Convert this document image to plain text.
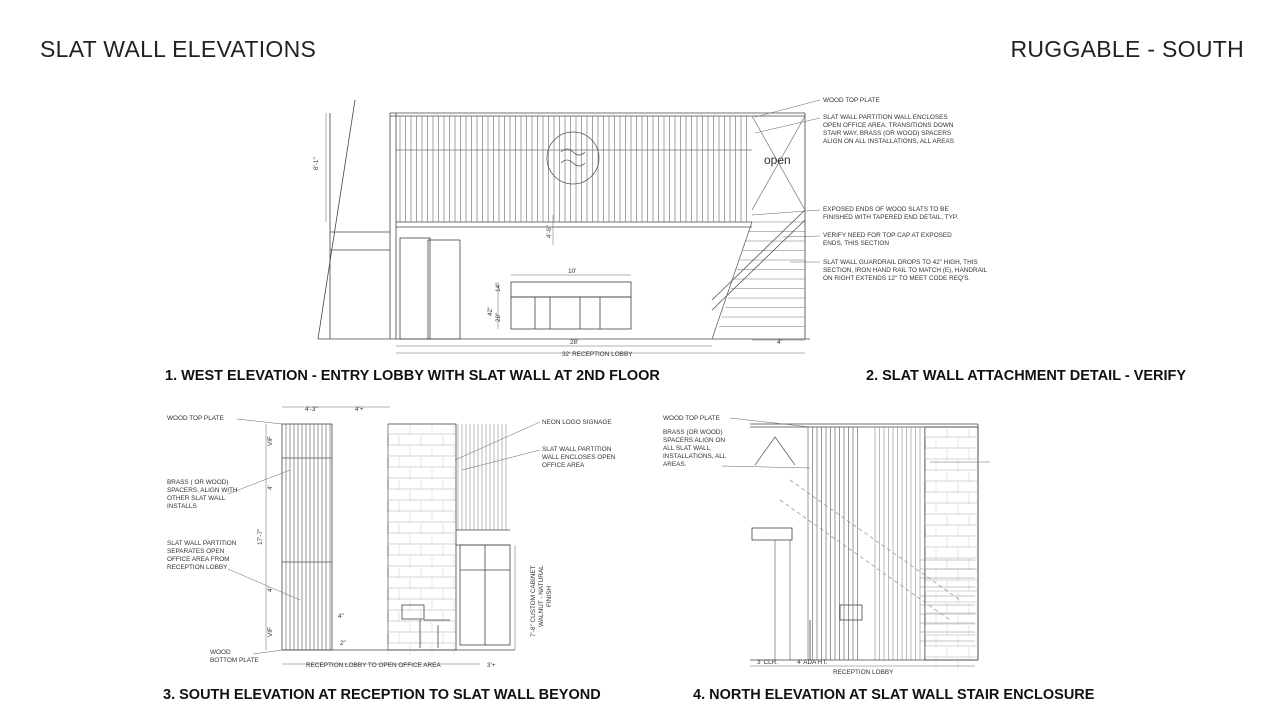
SLAT WALL ELEVATIONS	RUGGABLE - SOUTH
1. WEST ELEVATION - ENTRY LOBBY WITH SLAT WALL AT 2ND FLOOR	2. SLAT WALL ATTACHMENT DETAIL - VERIFY
3. SOUTH ELEVATION AT RECEPTION TO SLAT WALL BEYOND	4. NORTH ELEVATION AT SLAT WALL STAIR ENCLOSURE
open
8'-1"
4'-6"
10'
42"
28"
14"
28'	4'
32' RECEPTION LOBBY
WOOD TOP PLATE
SLAT WALL PARTITION WALL ENCLOSES OPEN OFFICE AREA, TRANSITIONS DOWN STAIR WAY. BRASS (OR WOOD) SPACERS ALIGN ON ALL INSTALLATIONS, ALL AREAS
EXPOSED ENDS OF WOOD SLATS TO BE FINISHED WITH TAPERED END DETAIL, TYP.
VERIFY NEED FOR TOP CAP AT EXPOSED ENDS, THIS SECTION
SLAT WALL GUARDRAIL DROPS TO 42" HIGH, THIS SECTION, IRON HAND RAIL TO MATCH (E), HANDRAIL ON RIGHT EXTENDS 12" TO MEET CODE REQ'S.
WOOD TOP PLATE
BRASS ( OR WOOD) SPACERS, ALIGN WITH OTHER SLAT WALL INSTALLS
SLAT WALL PARTITION SEPARATES OPEN OFFICE AREA FROM RECEPTION LOBBY
WOOD BOTTOM PLATE
NEON LOGO SIGNAGE
SLAT WALL PARTITION WALL ENCLOSES OPEN OFFICE AREA
7'-8" CUSTOM CABINET WALNUT - NATURAL FINISH
4'-3"	4'+
VIF
4'
17'-7"
4'
VIF
4"
2"
RECEPTION LOBBY TO OPEN OFFICE AREA	3'+
WOOD TOP PLATE
BRASS (OR WOOD) SPACERS ALIGN ON ALL SLAT WALL INSTALLATIONS, ALL AREAS.
3' CLR.	4' ADA HT.
RECEPTION LOBBY
